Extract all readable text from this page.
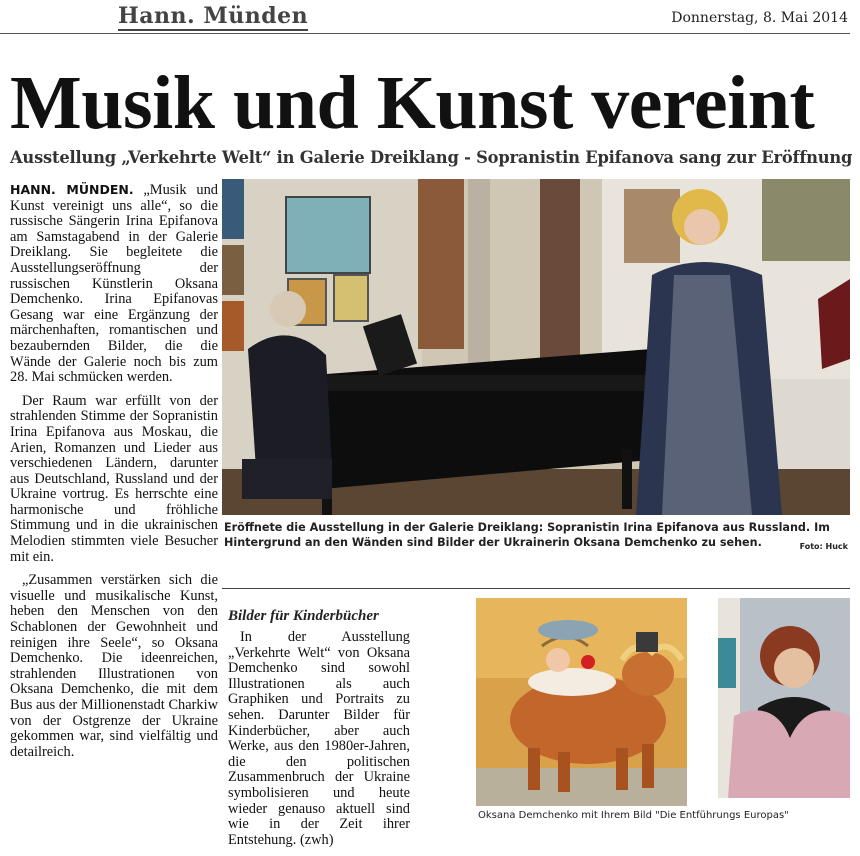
Hann. Münden	Donnerstag, 8. Mai 2014
Musik und Kunst vereint
Ausstellung „Verkehrte Welt“ in Galerie Dreiklang - Sopranistin Epifanova sang zur Eröffnung

HANN. MÜNDEN. „Musik und Kunst vereinigt uns alle“, so die russische Sängerin Irina Epifanova am Samstagabend in der Galerie Dreiklang. Sie begleitete die Ausstellungseröffnung der russischen Künstlerin Oksana Demchenko. Irina Epifanovas Gesang war eine Ergänzung der märchenhaften, romantischen und bezaubernden Bilder, die die Wände der Galerie noch bis zum 28. Mai schmücken werden.

Der Raum war erfüllt von der strahlenden Stimme der Sopranistin Irina Epifanova aus Moskau, die Arien, Romanzen und Lieder aus verschiedenen Ländern, darunter aus Deutschland, Russland und der Ukraine vortrug. Es herrschte eine harmonische und fröhliche Stimmung und in die ukrainischen Melodien stimmten viele Besucher mit ein.

„Zusammen verstärken sich die visuelle und musikalische Kunst, heben den Menschen von den Schablonen der Gewohnheit und reinigen ihre Seele“, so Oksana Demchenko. Die ideenreichen, strahlenden Illustrationen von Oksana Demchenko, die mit dem Bus aus der Millionenstadt Charkiw von der Ostgrenze der Ukraine gekommen war, sind vielfältig und detailreich.

Eröffnete die Ausstellung in der Galerie Dreiklang: Sopranistin Irina Epifanova aus Russland. Im Hintergrund an den Wänden sind Bilder der Ukrainerin Oksana Demchenko zu sehen.	Foto: Huck
Bilder für Kinderbücher

In der Ausstellung „Verkehrte Welt“ von Oksana Demchenko sind sowohl Illustrationen als auch Graphiken und Portraits zu sehen. Darunter Bilder für Kinderbücher, aber auch Werke, aus den 1980er-Jahren, die den politischen Zusammenbruch der Ukraine symbolisieren und heute wieder genauso aktuell sind wie in der Zeit ihrer Entstehung. (zwh)

Oksana Demchenko mit Ihrem Bild "Die Entführungs Europas"
